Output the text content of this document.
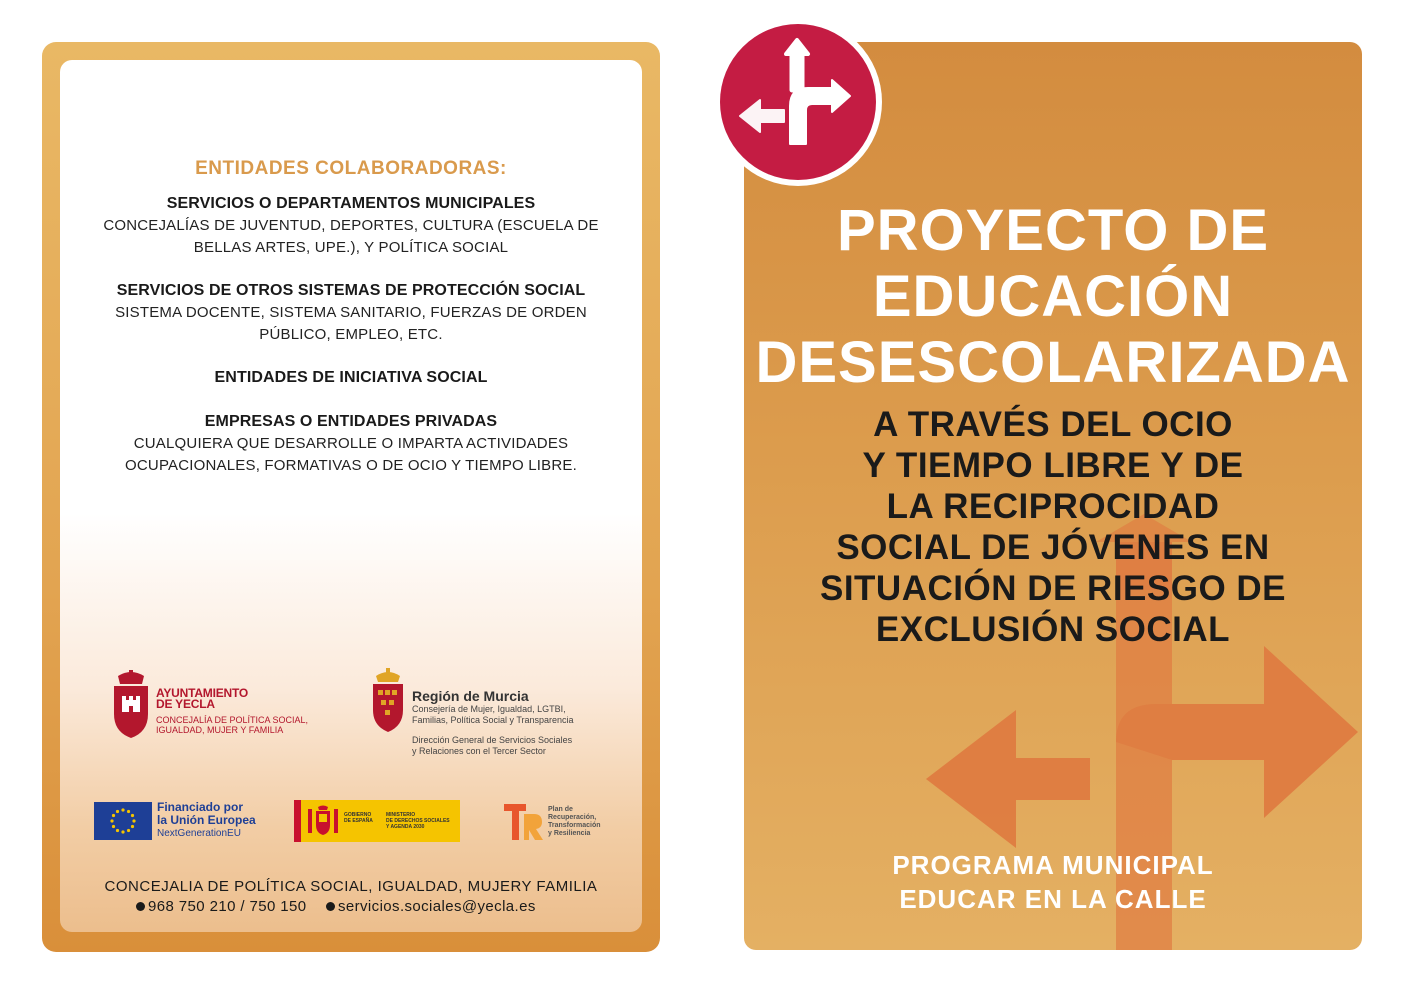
ENTIDADES COLABORADORAS:
SERVICIOS O DEPARTAMENTOS MUNICIPALES
CONCEJALÍAS DE JUVENTUD, DEPORTES, CULTURA (ESCUELA DE
BELLAS ARTES, UPE.), Y POLÍTICA SOCIAL
SERVICIOS DE OTROS SISTEMAS DE PROTECCIÓN SOCIAL
SISTEMA DOCENTE, SISTEMA SANITARIO, FUERZAS DE ORDEN
PÚBLICO, EMPLEO, ETC.
ENTIDADES DE INICIATIVA SOCIAL
EMPRESAS O ENTIDADES PRIVADAS
CUALQUIERA QUE DESARROLLE O IMPARTA ACTIVIDADES
OCUPACIONALES, FORMATIVAS O DE OCIO Y TIEMPO LIBRE.
AYUNTAMIENTO
DE YECLA
CONCEJALÍA DE POLÍTICA SOCIAL,
IGUALDAD, MUJER Y FAMILIA
Región de Murcia
Consejería de Mujer, Igualdad, LGTBI,
Familias, Política Social y Transparencia
Dirección General de Servicios Sociales
y Relaciones con el Tercer Sector
Financiado por
la Unión Europea
NextGenerationEU
GOBIERNO
DE ESPAÑA
MINISTERIO
DE DERECHOS SOCIALES
Y AGENDA 2030
Plan de
Recuperación,
Transformación
y Resiliencia
CONCEJALIA DE POLÍTICA SOCIAL, IGUALDAD, MUJERY FAMILIA
968 750 210 / 750 150	servicios.sociales@yecla.es
PROYECTO DE
EDUCACIÓN
DESESCOLARIZADA
A TRAVÉS DEL OCIO
Y TIEMPO LIBRE Y DE
LA RECIPROCIDAD
SOCIAL DE JÓVENES EN
SITUACIÓN DE RIESGO DE
EXCLUSIÓN SOCIAL
PROGRAMA MUNICIPAL
EDUCAR EN LA CALLE
